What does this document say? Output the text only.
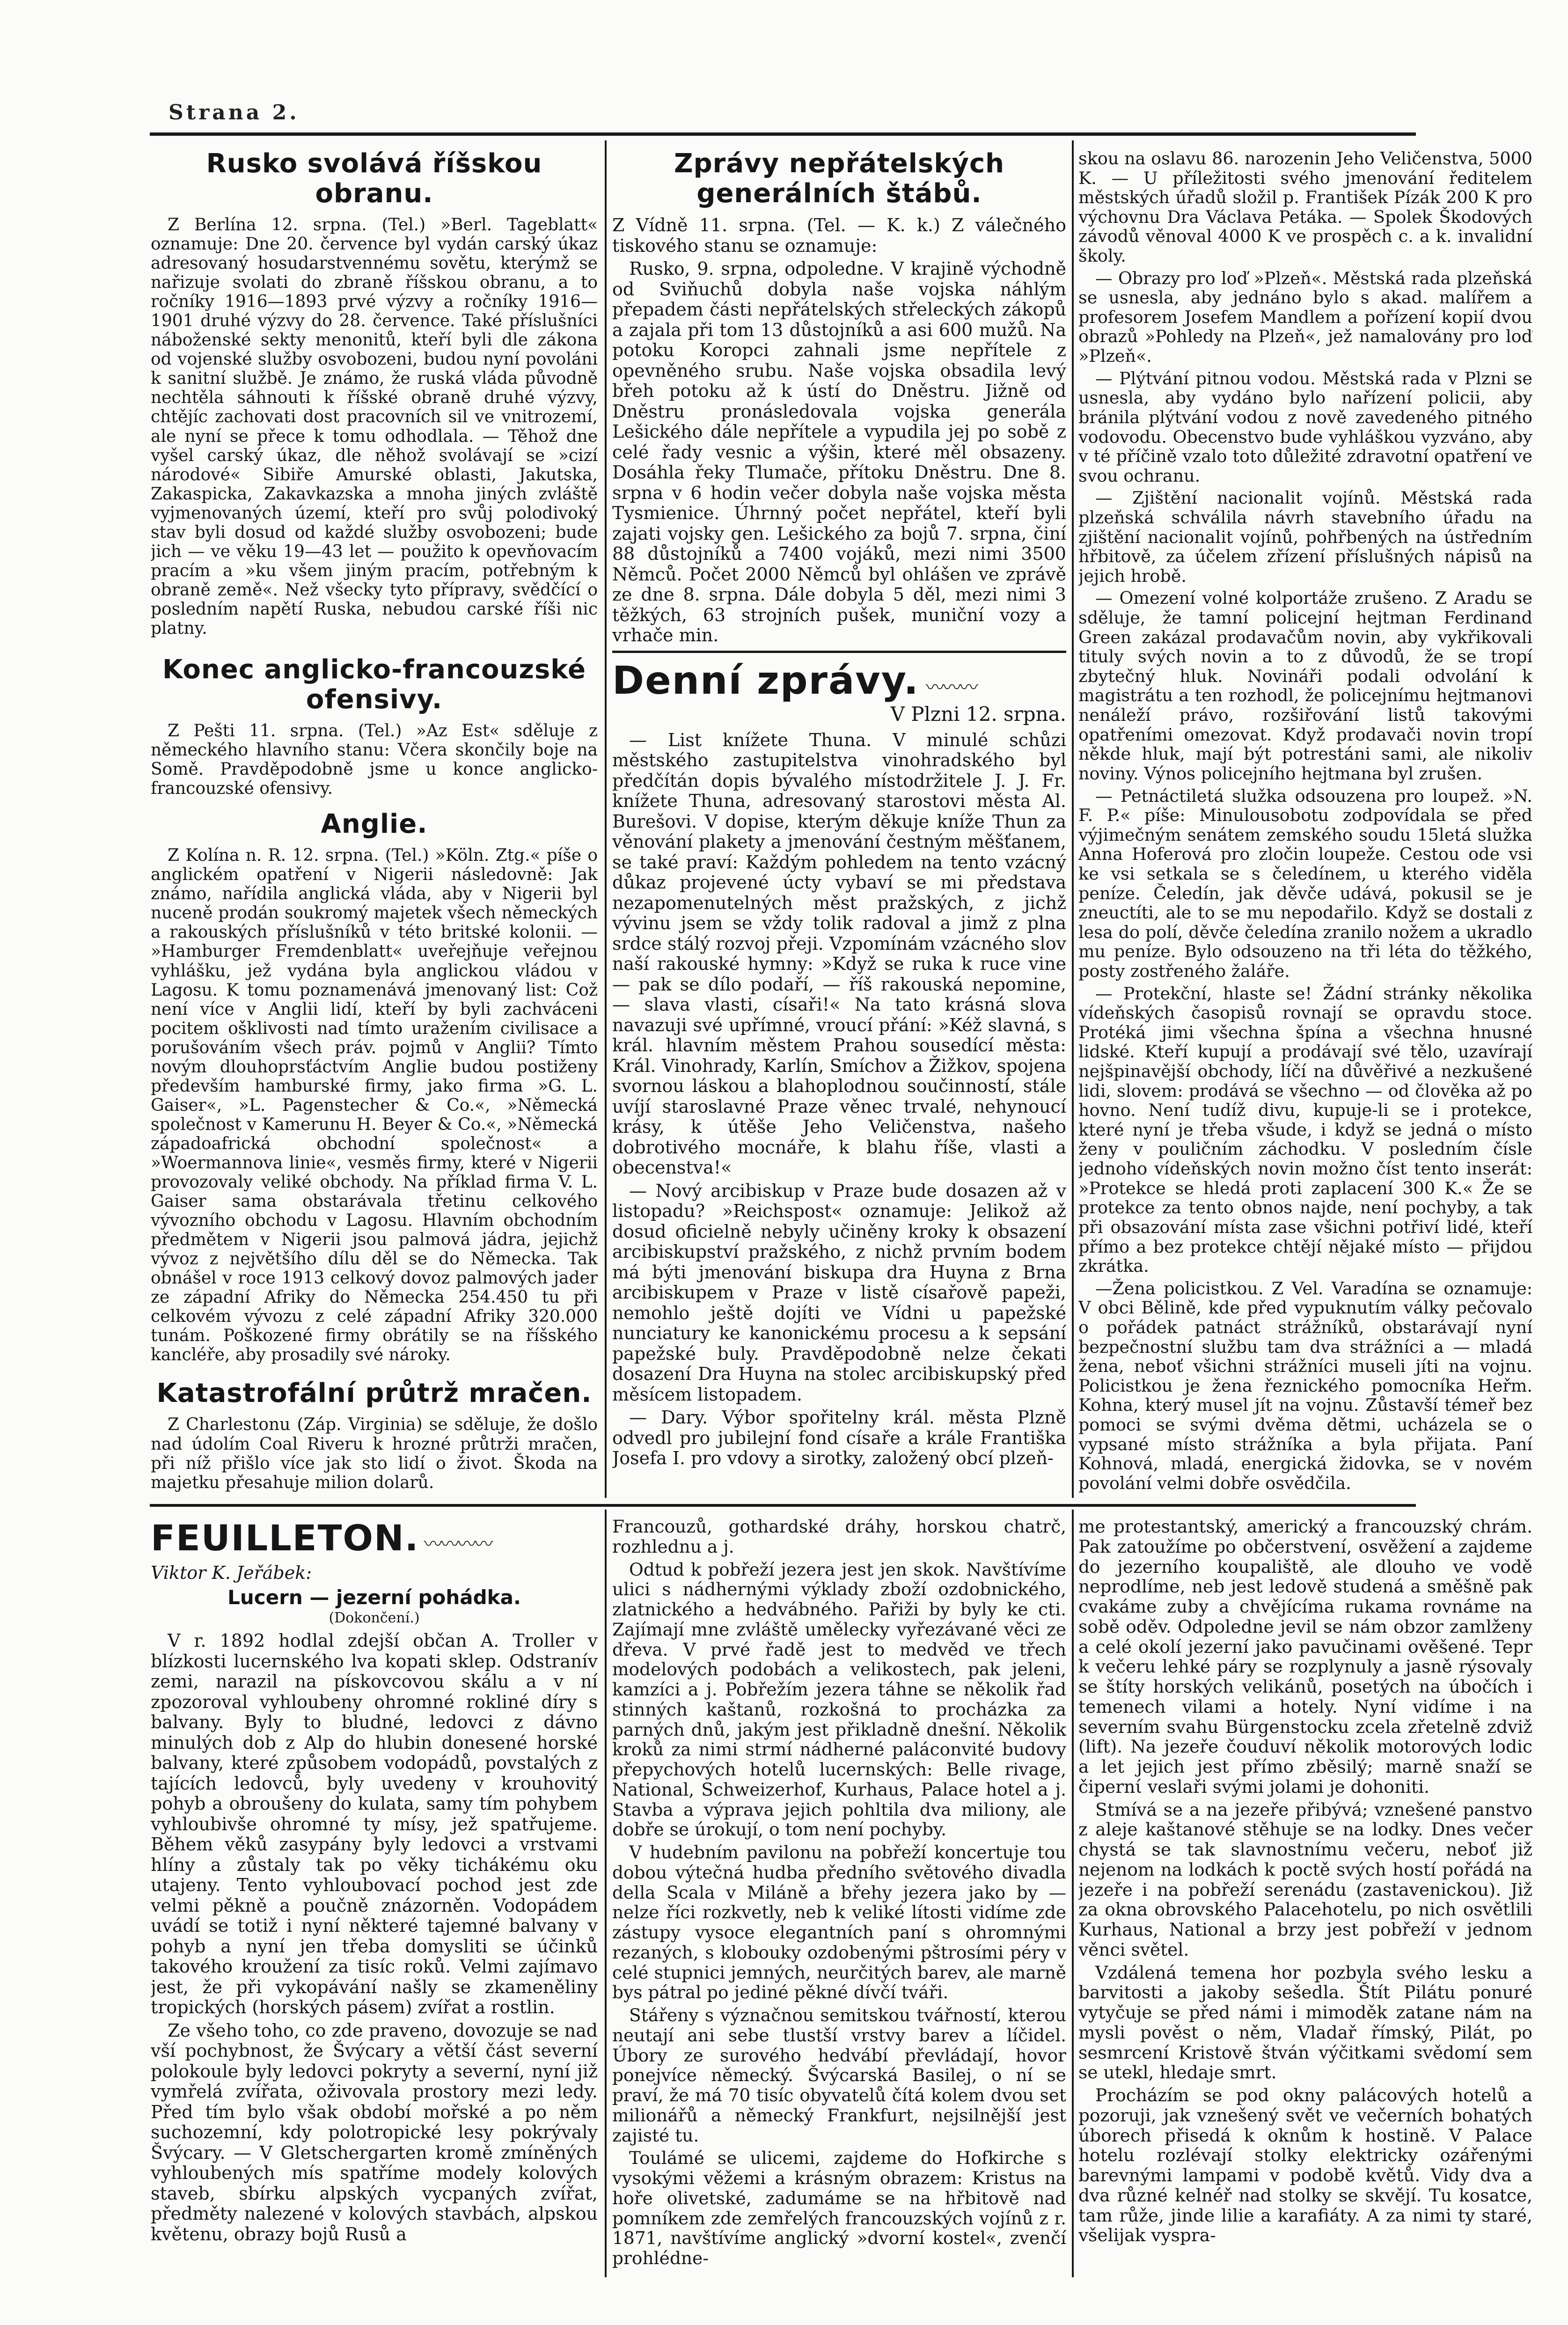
Strana 2.
Rusko svolává říšskou obranu.

Z Berlína 12. srpna. (Tel.) »Berl. Tageblatt« oznamuje: Dne 20. července byl vydán carský úkaz adresovaný hosudarstvennému sovětu, kterýmž se nařizuje svolati do zbraně říšskou obranu, a to ročníky 1916—1893 prvé výzvy a ročníky 1916—1901 druhé výzvy do 28. července. Také příslušníci náboženské sekty menonitů, kteří byli dle zákona od vojenské služby osvobozeni, budou nyní povoláni k sanitní službě. Je známo, že ruská vláda původně nechtěla sáhnouti k říšské obraně druhé výzvy, chtějíc zachovati dost pracovních sil ve vnitrozemí, ale nyní se přece k tomu odhodlala. — Těhož dne vyšel carský úkaz, dle něhož svolávají se »cizí národové« Sibiře Amurské oblasti, Jakutska, Zakaspicka, Zakavkazska a mnoha jiných zvláště vyjmenovaných území, kteří pro svůj polodivoký stav byli dosud od každé služby osvobozeni; bude jich — ve věku 19—43 let — použito k opevňovacím pracím a »ku všem jiným pracím, potřebným k obraně země«. Než všecky tyto přípravy, svědčící o posledním napětí Ruska, nebudou carské říši nic platny.

Konec anglicko-francouzské ofensivy.

Z Pešti 11. srpna. (Tel.) »Az Est« sděluje z německého hlavního stanu: Včera skončily boje na Somě. Pravděpodobně jsme u konce anglicko-francouzské ofensivy.

Anglie.

Z Kolína n. R. 12. srpna. (Tel.) »Köln. Ztg.« píše o anglickém opatření v Nigerii následovně: Jak známo, nařídila anglická vláda, aby v Nigerii byl nuceně prodán soukromý majetek všech německých a rakouských příslušníků v této britské kolonii. — »Hamburger Fremdenblatt« uveřejňuje veřejnou vyhlášku, jež vydána byla anglickou vládou v Lagosu. K tomu poznamenává jmenovaný list: Což není více v Anglii lidí, kteří by byli zachváceni pocitem ošklivosti nad tímto uražením civilisace a porušováním všech práv. pojmů v Anglii? Tímto novým dlouhoprsťáctvím Anglie budou postiženy především hamburské firmy, jako firma »G. L. Gaiser«, »L. Pagenstecher & Co.«, »Německá společnost v Kamerunu H. Beyer & Co.«, »Německá západoafrická obchodní společnost« a »Woermannova linie«, vesměs firmy, které v Nigerii provozovaly veliké obchody. Na příklad firma V. L. Gaiser sama obstarávala třetinu celkového vývozního obchodu v Lagosu. Hlavním obchodním předmětem v Nigerii jsou palmová jádra, jejichž vývoz z největšího dílu děl se do Německa. Tak obnášel v roce 1913 celkový dovoz palmových jader ze západní Afriky do Německa 254.450 tu při celkovém vývozu z celé západní Afriky 320.000 tunám. Poškozené firmy obrátily se na říšského kancléře, aby prosadily své nároky.

Katastrofální průtrž mračen.

Z Charlestonu (Záp. Virginia) se sděluje, že došlo nad údolím Coal Riveru k hrozné průtrži mračen, při níž přišlo více jak sto lidí o život. Škoda na majetku přesahuje milion dolarů.

Zprávy nepřátelských generálních štábů.

Z Vídně 11. srpna. (Tel. — K. k.) Z válečného tiskového stanu se oznamuje:

Rusko, 9. srpna, odpoledne. V krajině východně od Sviňuchů dobyla naše vojska náhlým přepadem části nepřátelských střeleckých zákopů a zajala při tom 13 důstojníků a asi 600 mužů. Na potoku Koropci zahnali jsme nepřítele z opevněného srubu. Naše vojska obsadila levý břeh potoku až k ústí do Dněstru. Jižně od Dněstru pronásledovala vojska generála Lešického dále nepřítele a vypudila jej po sobě z celé řady vesnic a výšin, které měl obsazeny. Dosáhla řeky Tlumače, přítoku Dněstru. Dne 8. srpna v 6 hodin večer dobyla naše vojska města Tysmienice. Úhrnný počet nepřátel, kteří byli zajati vojsky gen. Lešického za bojů 7. srpna, činí 88 důstojníků a 7400 vojáků, mezi nimi 3500 Němců. Počet 2000 Němců byl ohlášen ve zprávě ze dne 8. srpna. Dále dobyla 5 děl, mezi nimi 3 těžkých, 63 strojních pušek, muniční vozy a vrhače min.

Denní zprávy. 〰〰〰
V Plzni 12. srpna.

— List knížete Thuna. V minulé schůzi městského zastupitelstva vinohradského byl předčítán dopis bývalého místodržitele J. J. Fr. knížete Thuna, adresovaný starostovi města Al. Burešovi. V dopise, kterým děkuje kníže Thun za věnování plakety a jmenování čestným měšťanem, se také praví: Každým pohledem na tento vzácný důkaz projevené úcty vybaví se mi představa nezapomenutelných měst pražských, z jichž vývinu jsem se vždy tolik radoval a jimž z plna srdce stálý rozvoj přeji. Vzpomínám vzácného slov naší rakouské hymny: »Když se ruka k ruce vine — pak se dílo podaří, — říš rakouská nepomine, — slava vlasti, císaři!« Na tato krásná slova navazuji své upřímné, vroucí přání: »Kéž slavná, s král. hlavním městem Prahou sousedící města: Král. Vinohrady, Karlín, Smíchov a Žižkov, spojena svornou láskou a blahoplodnou součinností, stále uvíjí staroslavné Praze věnec trvalé, nehynoucí krásy, k útěše Jeho Veličenstva, našeho dobrotivého mocnáře, k blahu říše, vlasti a obecenstva!«

— Nový arcibiskup v Praze bude dosazen až v listopadu? »Reichspost« oznamuje: Jelikož až dosud oficielně nebyly učiněny kroky k obsazení arcibiskupství pražského, z nichž prvním bodem má býti jmenování biskupa dra Huyna z Brna arcibiskupem v Praze v listě císařově papeži, nemohlo ještě dojíti ve Vídni u papežské nunciatury ke kanonickému procesu a k sepsání papežské buly. Pravděpodobně nelze čekati dosazení Dra Huyna na stolec arcibiskupský před měsícem listopadem.

— Dary. Výbor spořitelny král. města Plzně odvedl pro jubilejní fond císaře a krále Františka Josefa I. pro vdovy a sirotky, založený obcí plzeň-

skou na oslavu 86. narozenin Jeho Veličenstva, 5000 K. — U příležitosti svého jmenování ředitelem městských úřadů složil p. František Pízák 200 K pro výchovnu Dra Václava Petáka. — Spolek Škodových závodů věnoval 4000 K ve prospěch c. a k. invalidní školy.

— Obrazy pro loď »Plzeň«. Městská rada plzeňská se usnesla, aby jednáno bylo s akad. malířem a profesorem Josefem Mandlem a pořízení kopií dvou obrazů »Pohledy na Plzeň«, jež namalovány pro loď »Plzeň«.

— Plýtvání pitnou vodou. Městská rada v Plzni se usnesla, aby vydáno bylo nařízení policii, aby bránila plýtvání vodou z nově zavedeného pitného vodovodu. Obecenstvo bude vyhláškou vyzváno, aby v té příčině vzalo toto důležité zdravotní opatření ve svou ochranu.

— Zjištění nacionalit vojínů. Městská rada plzeňská schválila návrh stavebního úřadu na zjištění nacionalit vojínů, pohřbených na ústředním hřbitově, za účelem zřízení příslušných nápisů na jejich hrobě.

— Omezení volné kolportáže zrušeno. Z Aradu se sděluje, že tamní policejní hejtman Ferdinand Green zakázal prodavačům novin, aby vykřikovali tituly svých novin a to z důvodů, že se tropí zbytečný hluk. Novináři podali odvolání k magistrátu a ten rozhodl, že policejnímu hejtmanovi nenáleží právo, rozšiřování listů takovými opatřeními omezovat. Když prodavači novin tropí někde hluk, mají být potrestáni sami, ale nikoliv noviny. Výnos policejního hejtmana byl zrušen.

— Petnáctiletá služka odsouzena pro loupež. »N. F. P.« píše: Minulousobotu zodpovídala se před výjimečným senátem zemského soudu 15letá služka Anna Hoferová pro zločin loupeže. Cestou ode vsi ke vsi setkala se s čeledínem, u kterého viděla peníze. Čeledín, jak děvče udává, pokusil se je zneuctíti, ale to se mu nepodařilo. Když se dostali z lesa do polí, děvče čeledína zranilo nožem a ukradlo mu peníze. Bylo odsouzeno na tři léta do těžkého, posty zostřeného žaláře.

— Protekční, hlaste se! Žádní stránky několika vídeňských časopisů rovnají se opravdu stoce. Protéká jimi všechna špína a všechna hnusné lidské. Kteří kupují a prodávají své tělo, uzavírají nejšpinavější obchody, líčí na důvěřivé a nezkušené lidi, slovem: prodává se všechno — od člověka až po hovno. Není tudíž divu, kupuje-li se i protekce, které nyní je třeba všude, i když se jedná o místo ženy v pouličním záchodku. V posledním čísle jednoho vídeňských novin možno číst tento inserát: »Protekce se hledá proti zaplacení 300 K.« Že se protekce za tento obnos najde, není pochyby, a tak při obsazování místa zase všichni potřiví lidé, kteří přímo a bez protekce chtějí nějaké místo — přijdou zkrátka.

—Žena policistkou. Z Vel. Varadína se oznamuje: V obci Bělině, kde před vypuknutím války pečovalo o pořádek patnáct strážníků, obstarávají nyní bezpečnostní službu tam dva strážníci a — mladá žena, neboť všichni strážníci museli jíti na vojnu. Policistkou je žena řeznického pomocníka Heřm. Kohna, který musel jít na vojnu. Zůstavší témeř bez pomoci se svými dvěma dětmi, ucházela se o vypsané místo strážníka a byla přijata. Paní Kohnová, mladá, energická židovka, se v novém povolání velmi dobře osvědčila.

FEUILLETON. 〰〰〰〰
Viktor K. Jeřábek:
Lucern — jezerní pohádka.
(Dokončení.)

V r. 1892 hodlal zdejší občan A. Troller v blízkosti lucernského lva kopati sklep. Odstranív zemi, narazil na pískovcovou skálu a v ní zpozoroval vyhloubeny ohromné rokliné díry s balvany. Byly to bludné, ledovci z dávno minulých dob z Alp do hlubin donesené horské balvany, které způsobem vodopádů, povstalých z tajících ledovců, byly uvedeny v krouhovitý pohyb a obroušeny do kulata, samy tím pohybem vyhloubivše ohromné ty mísy, jež spatřujeme. Během věků zasypány byly ledovci a vrstvami hlíny a zůstaly tak po věky tichákému oku utajeny. Tento vyhloubovací pochod jest zde velmi pěkně a poučně znázorněn. Vodopádem uvádí se totiž i nyní některé tajemné balvany v pohyb a nyní jen třeba domysliti se účinků takového kroužení za tisíc roků. Velmi zajímavo jest, že při vykopávání našly se zkameněliny tropických (horských pásem) zvířat a rostlin.

Ze všeho toho, co zde praveno, dovozuje se nad vší pochybnost, že Švýcary a větší část severní polokoule byly ledovci pokryty a severní, nyní již vymřelá zvířata, oživovala prostory mezi ledy. Před tím bylo však období mořské a po něm suchozemní, kdy polotropické lesy pokrývaly Švýcary. — V Gletschergarten kromě zmíněných vyhloubených mís spatříme modely kolových staveb, sbírku alpských vycpaných zvířat, předměty nalezené v kolových stavbách, alpskou květenu, obrazy bojů Rusů a

Francouzů, gothardské dráhy, horskou chatrč, rozhlednu a j.

Odtud k pobřeží jezera jest jen skok. Navštívíme ulici s nádhernými výklady zboží ozdobnického, zlatnického a hedvábného. Pařiži by byly ke cti. Zajímají mne zvláště umělecky vyřezávané věci ze dřeva. V prvé řadě jest to medvěd ve třech modelových podobách a velikostech, pak jeleni, kamzíci a j. Pobřežím jezera táhne se několik řad stinných kaštanů, rozkošná to procházka za parných dnů, jakým jest přikladně dnešní. Několik kroků za nimi strmí nádherné paláconvité budovy přepychových hotelů lucernských: Belle rivage, National, Schweizerhof, Kurhaus, Palace hotel a j. Stavba a výprava jejich pohltila dva miliony, ale dobře se úrokují, o tom není pochyby.

V hudebním pavilonu na pobřeží koncertuje tou dobou výtečná hudba předního světového divadla della Scala v Miláně a břehy jezera jako by — nelze říci rozkvetly, neb k veliké lítosti vidíme zde zástupy vysoce elegantních paní s ohromnými rezaných, s klobouky ozdobenými pštrosími péry v celé stupnici jemných, neurčitých barev, ale marně bys pátral po jediné pěkné dívčí tváři.

Stářeny s význačnou semitskou tvářností, kterou neutají ani sebe tlustší vrstvy barev a líčidel. Úbory ze surového hedvábí převládají, hovor ponejvíce německý. Švýcarská Basilej, o ní se praví, že má 70 tisíc obyvatelů čítá kolem dvou set milionářů a německý Frankfurt, nejsilnější jest zajisté tu.

Toulámé se ulicemi, zajdeme do Hofkirche s vysokými věžemi a krásným obrazem: Kristus na hoře olivetské, zadumáme se na hřbitově nad pomníkem zde zemřelých francouzských vojínů z r. 1871, navštívíme anglický »dvorní kostel«, zvenčí prohlédne-

me protestantský, americký a francouzský chrám. Pak zatoužíme po občerstvení, osvěžení a zajdeme do jezerního koupaliště, ale dlouho ve vodě neprodlíme, neb jest ledově studená a směšně pak cvakáme zuby a chvějícíma rukama rovnáme na sobě oděv. Odpoledne jevil se nám obzor zamlženy a celé okolí jezerní jako pavučinami ověšené. Tepr k večeru lehké páry se rozplynuly a jasně rýsovaly se štíty horských velikánů, posetých na úbočích i temenech vilami a hotely. Nyní vidíme i na severním svahu Bürgenstocku zcela zřetelně zdviž (lift). Na jezeře čouduví několik motorových lodic a let jejich jest přímo zběsilý; marně snaží se čipernί veslaři svými jolami je dohoniti.

Stmívá se a na jezeře přibývá; vznešené panstvo z aleje kaštanové stěhuje se na lodky. Dnes večer chystá se tak slavnostnímu večeru, neboť již nejenom na lodkách k poctě svých hostí pořádá na jezeře i na pobřeží serenádu (zastavenickou). Již za okna obrovského Palacehotelu, po nich osvětlili Kurhaus, National a brzy jest pobřeží v jednom věnci světel.

Vzdálená temena hor pozbyla svého lesku a barvitosti a jakoby sešedla. Štít Pilátu ponuré vytyčuje se před námi i mimoděk zatane nám na mysli pověst o něm, Vladař římský, Pilát, po sesmrcení Kristově štván výčitkami svědomí sem se utekl, hledaje smrt.

Procházím se pod okny palácových hotelů a pozoruji, jak vznešený svět ve večerních bohatých úborech přisedá k oknům k hostině. V Palace hotelu rozlévají stolky elektricky ozářenými barevnými lampami v podobě květů. Vidy dva a dva různé kelnéř nad stolky se skvějí. Tu kosatce, tam růže, jinde lilie a karafiáty. A za nimi ty staré, všelijak vyspra-
